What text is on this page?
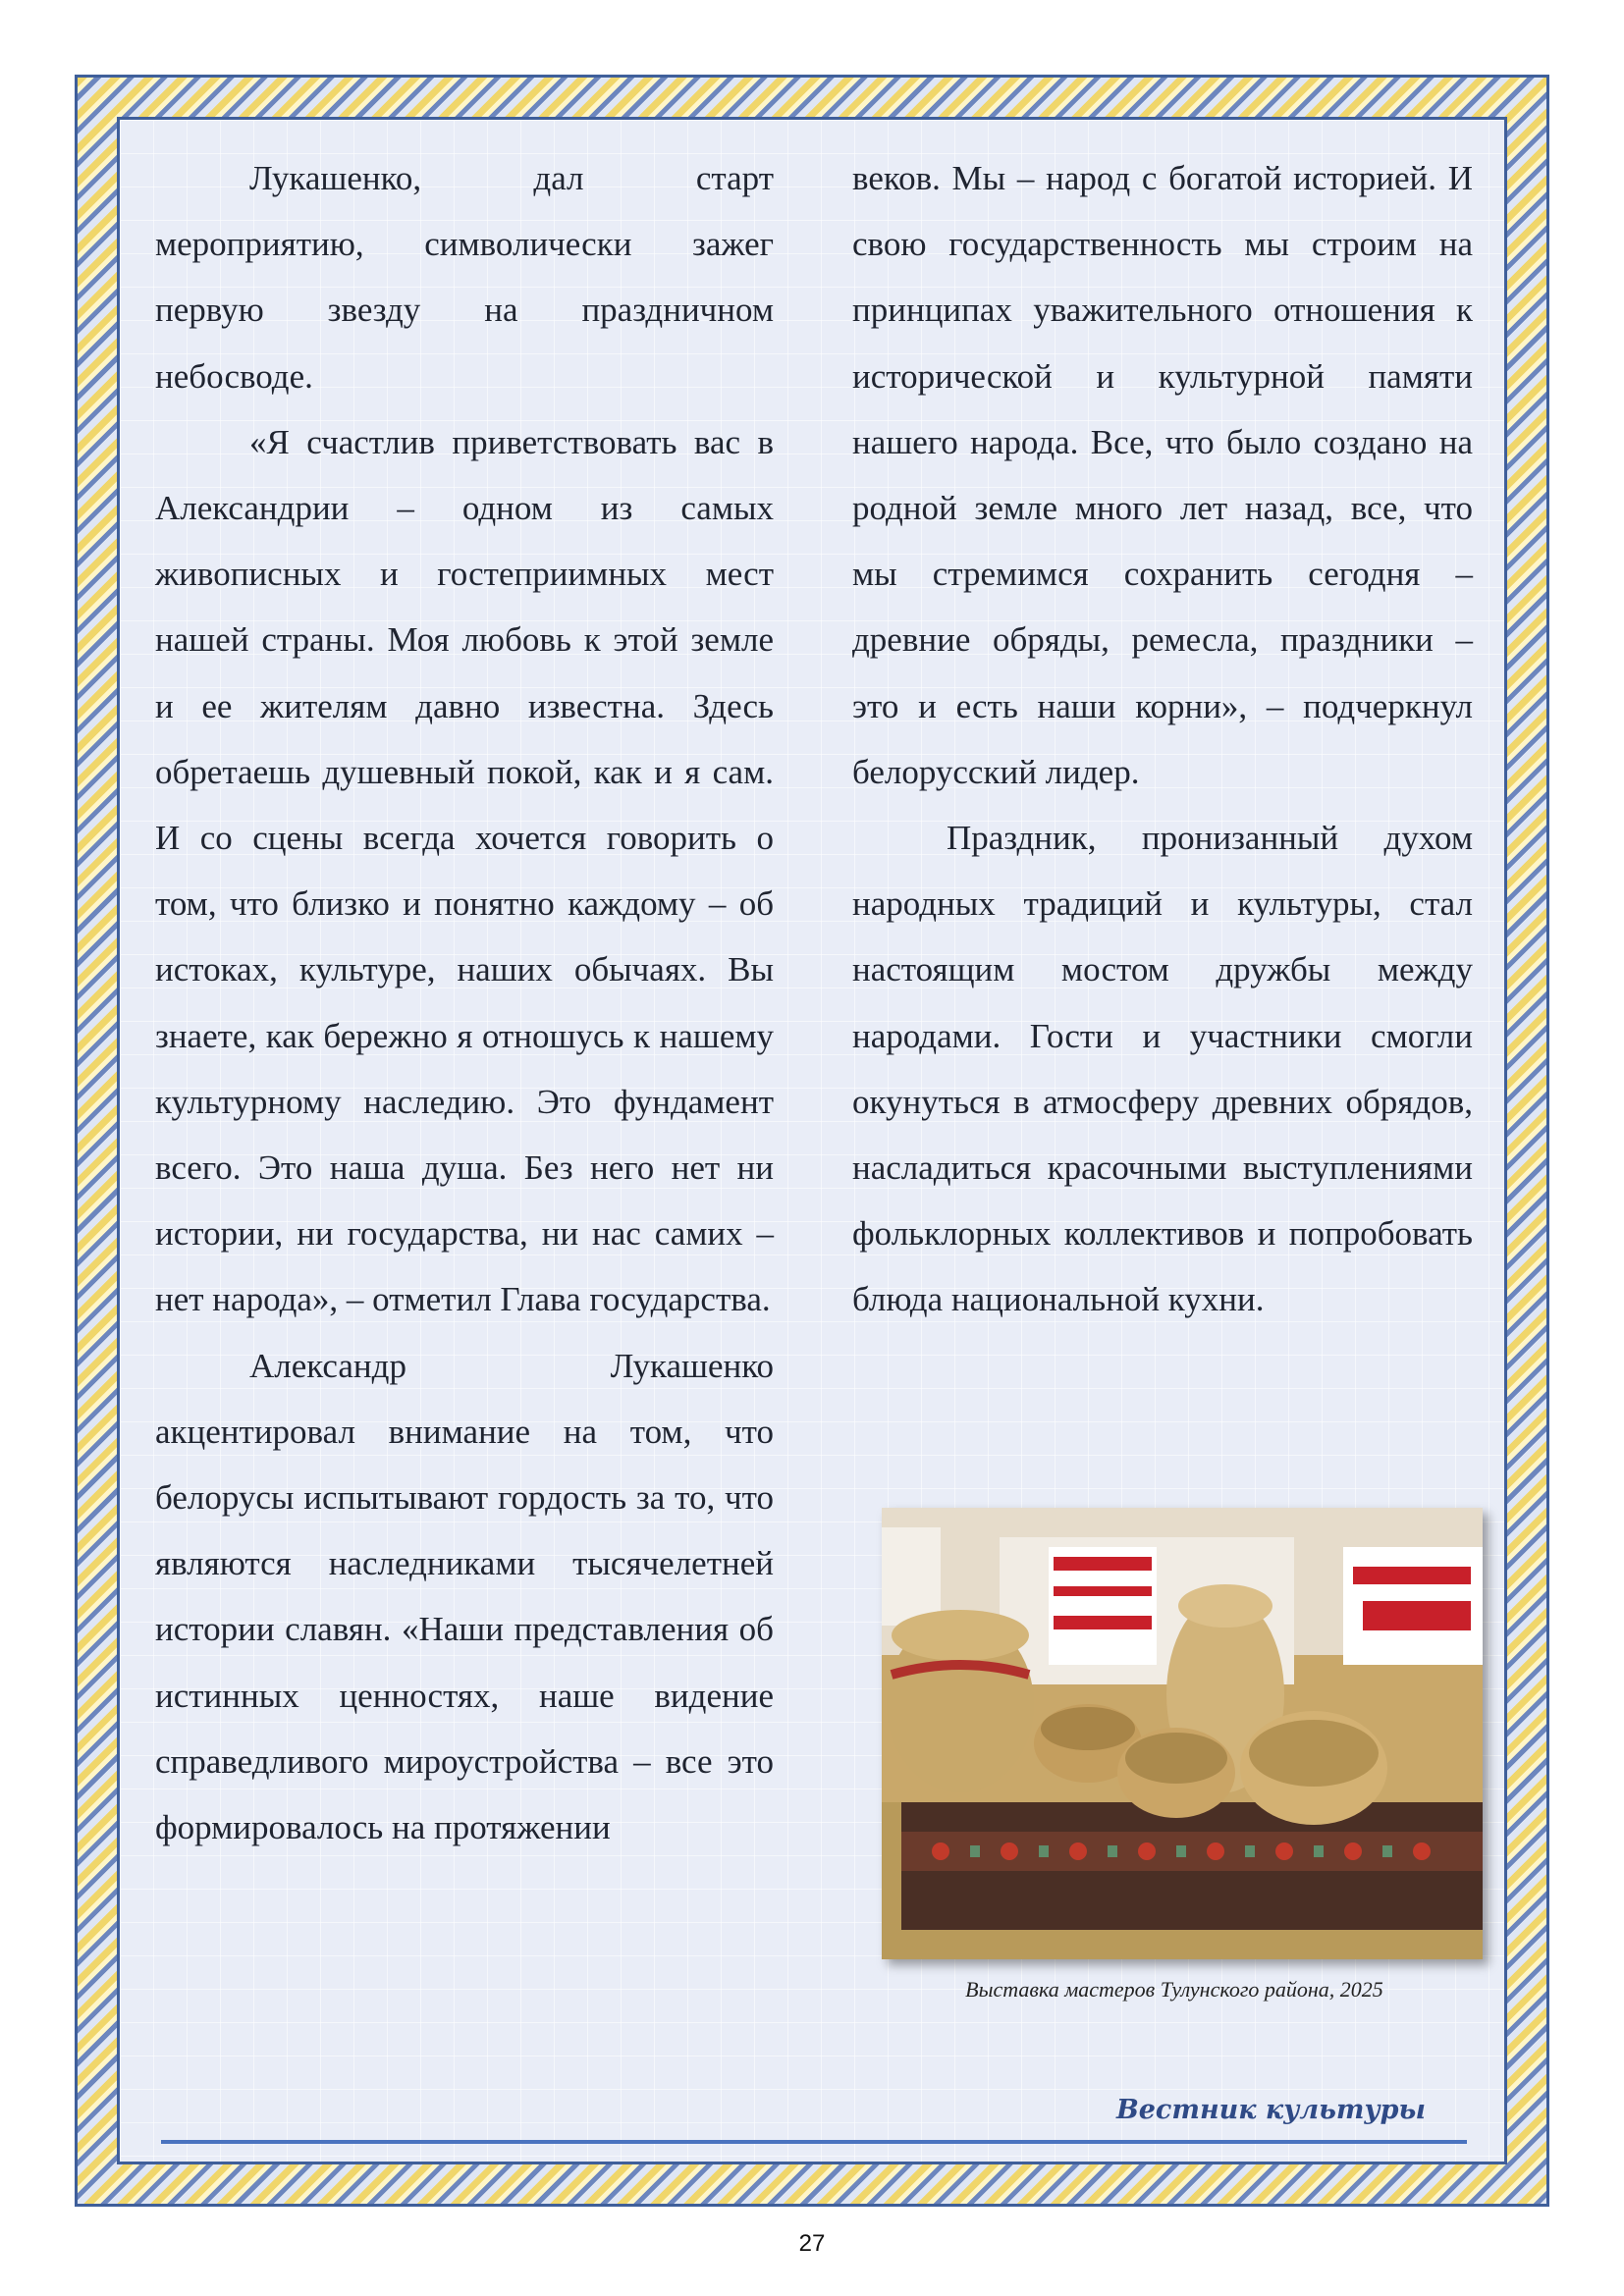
Лукашенко, дал старт мероприятию, символически зажег первую звезду на праздничном небосводе.

«Я счастлив приветствовать вас в Александрии – одном из самых живописных и гостеприимных мест нашей страны. Моя любовь к этой земле и ее жителям давно известна. Здесь обретаешь душевный покой, как и я сам. И со сцены всегда хочется говорить о том, что близко и понятно каждому – об истоках, культуре, наших обычаях. Вы знаете, как бережно я отношусь к нашему культурному наследию. Это фундамент всего. Это наша душа. Без него нет ни истории, ни государства, ни нас самих – нет народа», – отметил Глава государства.

Александр Лукашенко акцентировал внимание на том, что белорусы испытывают гордость за то, что являются наследниками тысячелетней истории славян. «Наши представления об истинных ценностях, наше видение справедливого мироустройства – все это формировалось на протяжении

веков. Мы – народ с богатой историей. И свою государственность мы строим на принципах уважительного отношения к исторической и культурной памяти нашего народа. Все, что было создано на родной земле много лет назад, все, что мы стремимся сохранить сегодня – древние обряды, ремесла, праздники – это и есть наши корни», – подчеркнул белорусский лидер.

Праздник, пронизанный духом народных традиций и культуры, стал настоящим мостом дружбы между народами. Гости и участники смогли окунуться в атмосферу древних обрядов, насладиться красочными выступлениями фольклорных коллективов и попробовать блюда национальной кухни.

Выставка мастеров Тулунского района, 2025
Вестник культуры
27
